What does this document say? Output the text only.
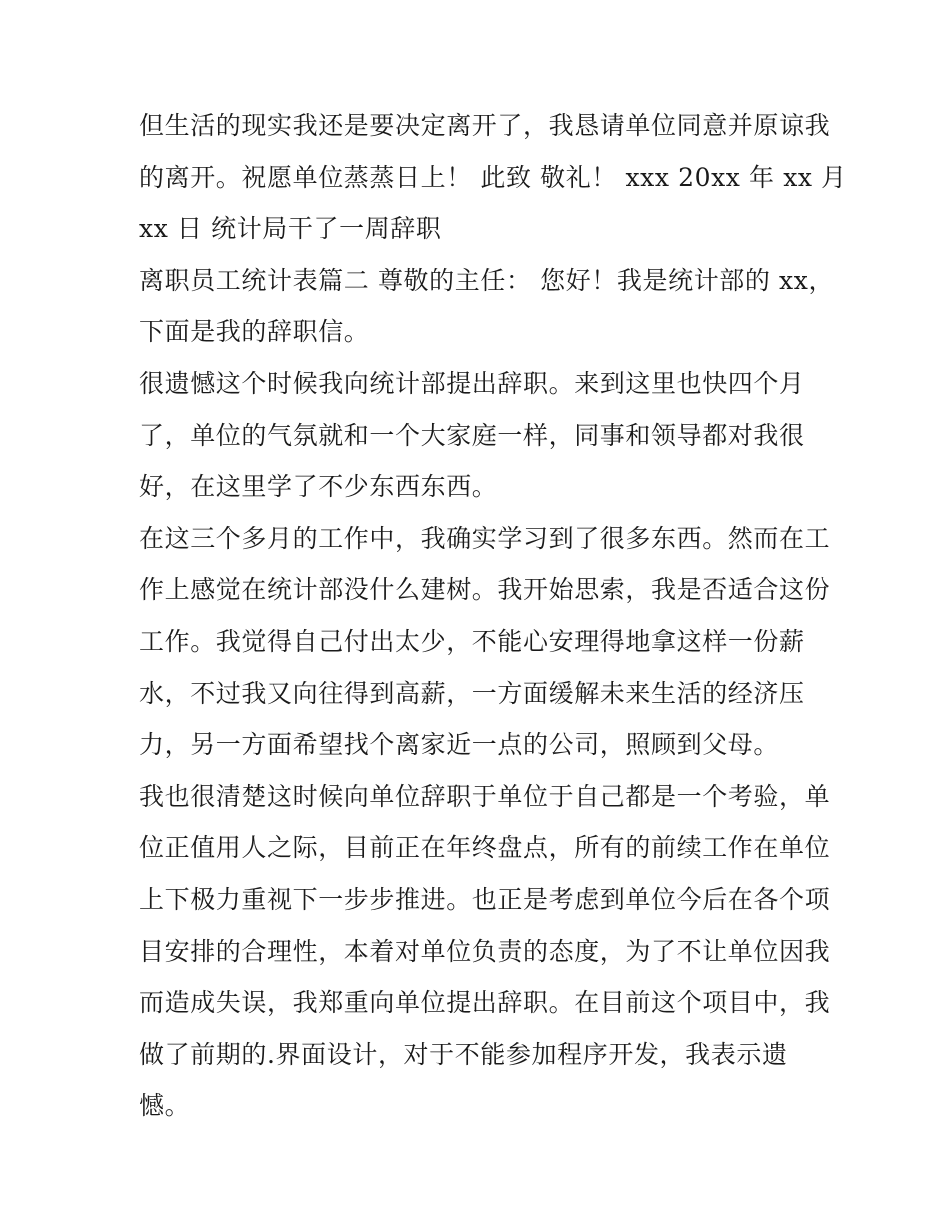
但生活的现实我还是要决定离开了，我恳请单位同意并原谅我
的离开。祝愿单位蒸蒸日上！ 此致 敬礼！ xxx 20xx 年 xx 月
xx 日 统计局干了一周辞职
离职员工统计表篇二 尊敬的主任： 您好！我是统计部的 xx，
下面是我的辞职信。
很遗憾这个时候我向统计部提出辞职。来到这里也快四个月
了，单位的气氛就和一个大家庭一样，同事和领导都对我很
好，在这里学了不少东西东西。
在这三个多月的工作中，我确实学习到了很多东西。然而在工
作上感觉在统计部没什么建树。我开始思索，我是否适合这份
工作。我觉得自己付出太少，不能心安理得地拿这样一份薪
水，不过我又向往得到高薪，一方面缓解未来生活的经济压
力，另一方面希望找个离家近一点的公司，照顾到父母。
我也很清楚这时候向单位辞职于单位于自己都是一个考验，单
位正值用人之际，目前正在年终盘点，所有的前续工作在单位
上下极力重视下一步步推进。也正是考虑到单位今后在各个项
目安排的合理性，本着对单位负责的态度，为了不让单位因我
而造成失误，我郑重向单位提出辞职。在目前这个项目中，我
做了前期的.界面设计，对于不能参加程序开发，我表示遗
憾。
